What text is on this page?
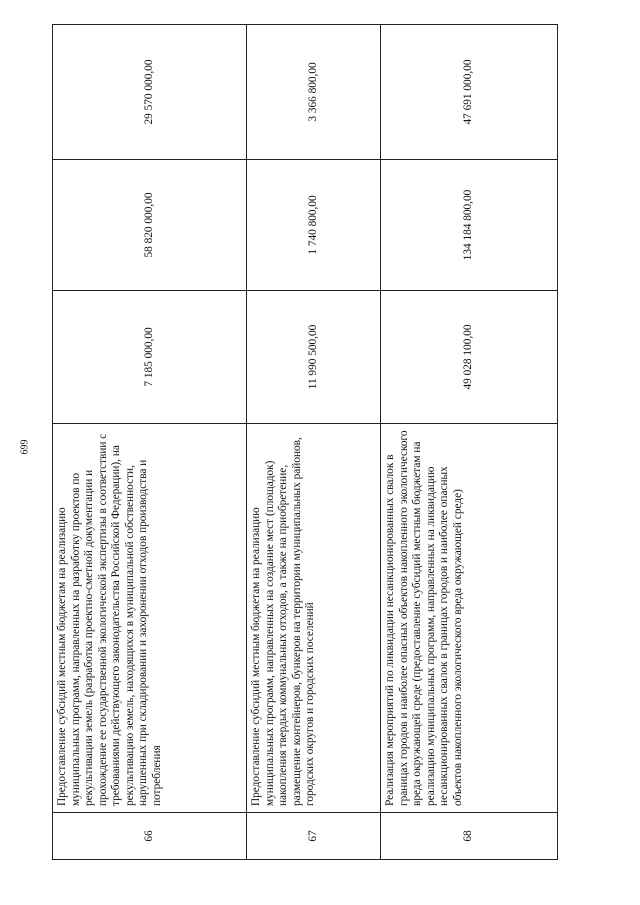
699
66	Предоставление субсидий местным бюджетам на реализацию муниципальных программ, направленных на разработку проектов по рекультивации земель (разработка проектно-сметной документации и прохождение ее государственной экологической экспертизы в соответствии с требованиями действующего законодательства Российской Федерации), на рекультивацию земель, находящихся в муниципальной собственности, нарушенных при складировании и захоронении отходов производства и потребления	7 185 000,00	58 820 000,00	29 570 000,00
67	Предоставление субсидий местным бюджетам на реализацию муниципальных программ, направленных на создание мест (площадок) накопления твердых коммунальных отходов, а также на приобретение, размещение контейнеров, бункеров на территории муниципальных районов, городских округов и городских поселений	11 990 500,00	1 740 800,00	3 366 800,00
68	Реализация мероприятий по ликвидации несанкционированных свалок в границах городов и наиболее опасных объектов накопленного экологического вреда окружающей среде (предоставление субсидий местным бюджетам на реализацию муниципальных программ, направленных на ликвидацию несанкционированных свалок в границах городов и наиболее опасных объектов накопленного экологического вреда окружающей среде)	49 028 100,00	134 184 800,00	47 691 000,00
